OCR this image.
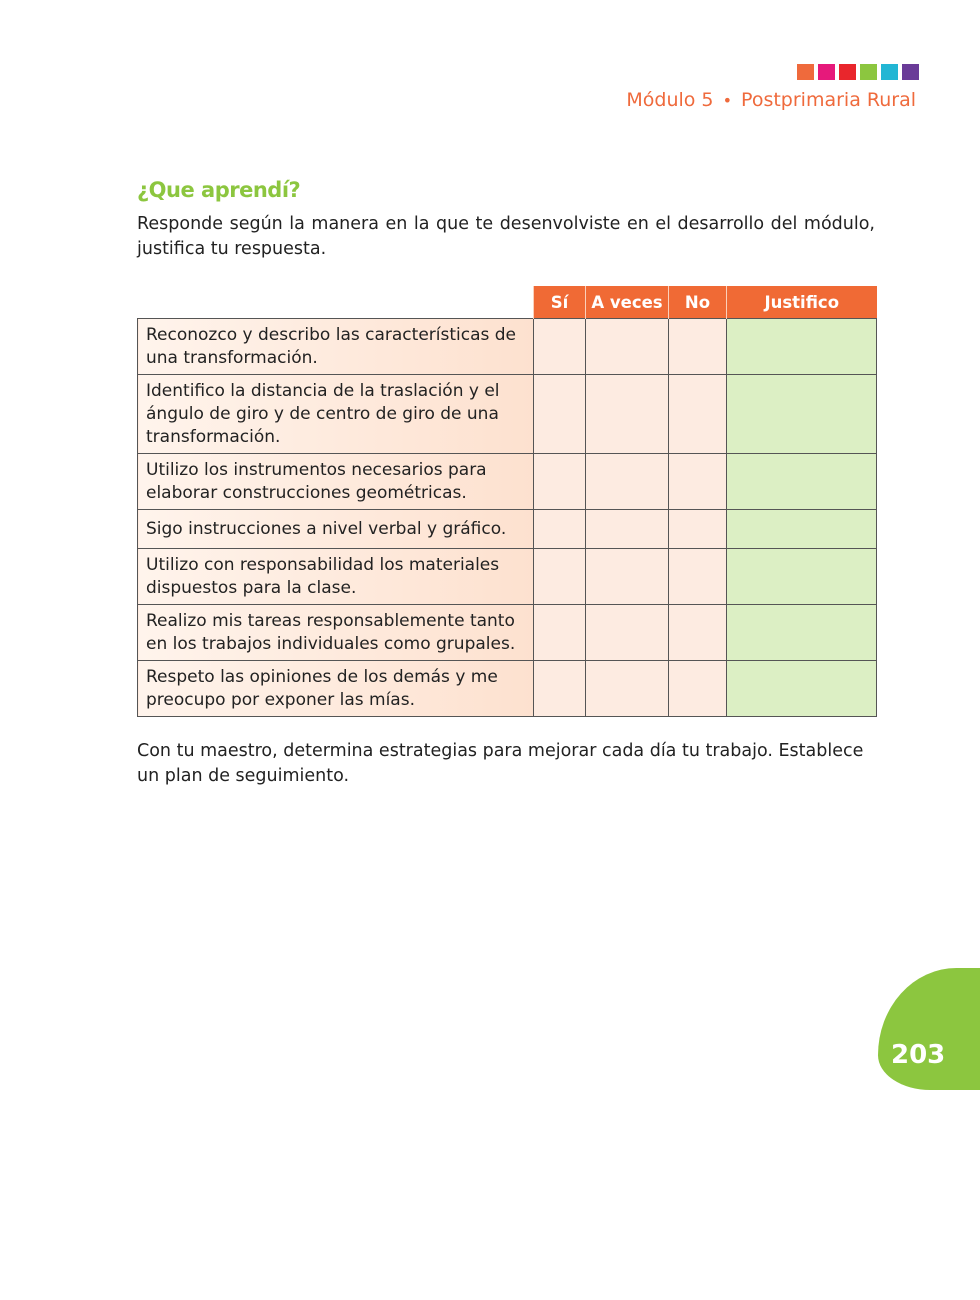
Módulo 5 • Postprimaria Rural
¿Que aprendí?
Responde según la manera en la que te desenvolviste en el desarrollo del módulo, justifica tu respuesta.
	Sí	A veces	No	Justifico
Reconozco y describo las características de una transformación.				
Identifico la distancia de la traslación y el ángulo de giro y de centro de giro de una transformación.				
Utilizo los instrumentos necesarios para elaborar construcciones geométricas.				
Sigo instrucciones a nivel verbal y gráfico.				
Utilizo con responsabilidad los materiales dispuestos para la clase.				
Realizo mis tareas responsablemente tanto en los trabajos individuales como grupales.				
Respeto las opiniones de los demás y me preocupo por exponer las mías.				
Con tu maestro, determina estrategias para mejorar cada día tu trabajo. Establece un plan de seguimiento.
203
